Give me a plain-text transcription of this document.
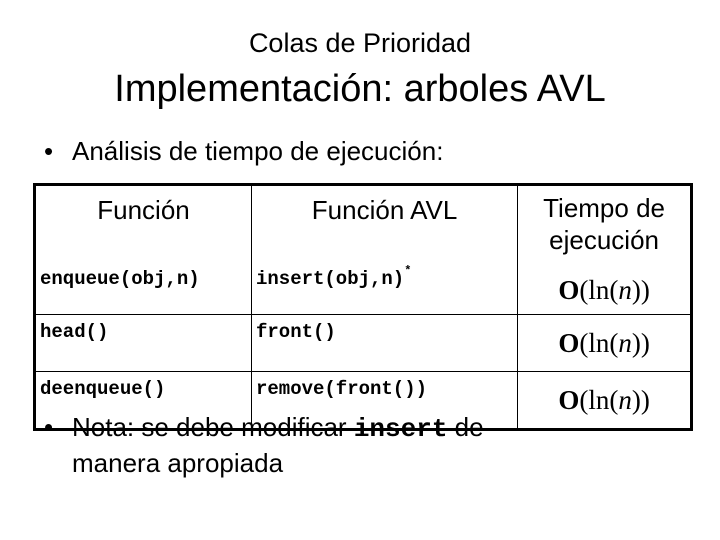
Colas de Prioridad
Implementación: arboles AVL
• Análisis de tiempo de ejecución:
Función	Función AVL	Tiempo de
ejecución

enqueue(obj,n)	insert(obj,n)*	O(ln(n))
head()	front()	O(ln(n))
deenqueue()	remove(front())	O(ln(n))
• Nota: se debe modificar insert de
manera apropiada
